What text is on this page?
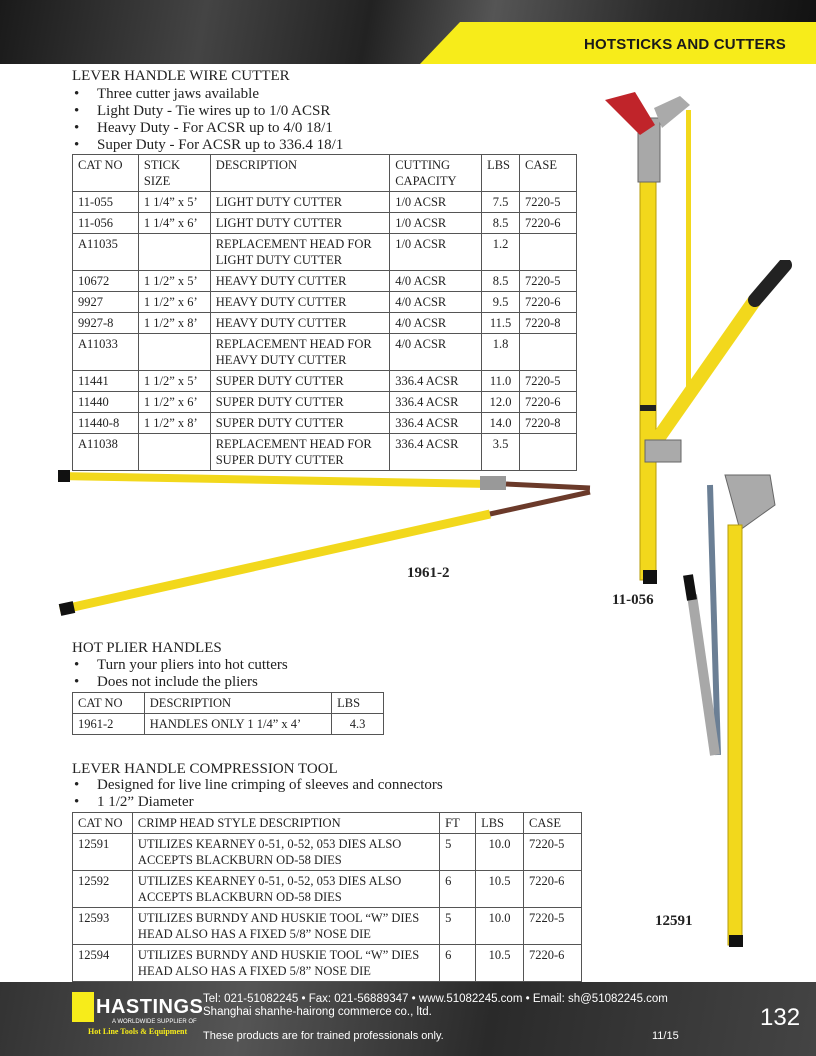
HOTSTICKS AND CUTTERS
LEVER HANDLE WIRE CUTTER
• Three cutter jaws available
• Light Duty - Tie wires up to 1/0 ACSR
• Heavy Duty - For ACSR up to 4/0 18/1
• Super Duty - For ACSR up to 336.4 18/1
CAT NO	STICK SIZE	DESCRIPTION	CUTTING CAPACITY	LBS	CASE
11-055	1 1/4” x 5’	LIGHT DUTY CUTTER	1/0 ACSR	7.5	7220-5
11-056	1 1/4” x 6’	LIGHT DUTY CUTTER	1/0 ACSR	8.5	7220-6
A11035		REPLACEMENT HEAD FOR LIGHT DUTY CUTTER	1/0 ACSR	1.2	
10672	1 1/2” x 5’	HEAVY DUTY CUTTER	4/0 ACSR	8.5	7220-5
9927	1 1/2” x 6’	HEAVY DUTY CUTTER	4/0 ACSR	9.5	7220-6
9927-8	1 1/2” x 8’	HEAVY DUTY CUTTER	4/0 ACSR	11.5	7220-8
A11033		REPLACEMENT HEAD FOR HEAVY DUTY CUTTER	4/0 ACSR	1.8	
11441	1 1/2” x 5’	SUPER DUTY CUTTER	336.4 ACSR	11.0	7220-5
11440	1 1/2” x 6’	SUPER DUTY CUTTER	336.4 ACSR	12.0	7220-6
11440-8	1 1/2” x 8’	SUPER DUTY CUTTER	336.4 ACSR	14.0	7220-8
A11038		REPLACEMENT HEAD FOR SUPER DUTY CUTTER	336.4 ACSR	3.5	
1961-2
11-056
12591
HOT PLIER HANDLES
• Turn your pliers into hot cutters
• Does not include the pliers
CAT NO	DESCRIPTION	LBS
1961-2	HANDLES ONLY 1 1/4” x 4’	4.3
LEVER HANDLE COMPRESSION TOOL
• Designed for live line crimping of sleeves and connectors
• 1 1/2” Diameter
CAT NO	CRIMP HEAD STYLE DESCRIPTION	FT	LBS	CASE
12591	UTILIZES KEARNEY 0-51, 0-52, 053 DIES ALSO ACCEPTS BLACKBURN OD-58 DIES	5	10.0	7220-5
12592	UTILIZES KEARNEY 0-51, 0-52, 053 DIES ALSO ACCEPTS BLACKBURN OD-58 DIES	6	10.5	7220-6
12593	UTILIZES BURNDY AND HUSKIE TOOL “W” DIES HEAD ALSO HAS A FIXED 5/8” NOSE DIE	5	10.0	7220-5
12594	UTILIZES BURNDY AND HUSKIE TOOL “W” DIES HEAD ALSO HAS A FIXED 5/8” NOSE DIE	6	10.5	7220-6
HASTINGS
A WORLDWIDE SUPPLIER OF
Hot Line Tools & Equipment
Tel: 021-51082245 • Fax: 021-56889347 • www.51082245.com • Email: sh@51082245.com
Shanghai shanhe-hairong commerce co., ltd.
These products are for trained professionals only.	11/15
132
